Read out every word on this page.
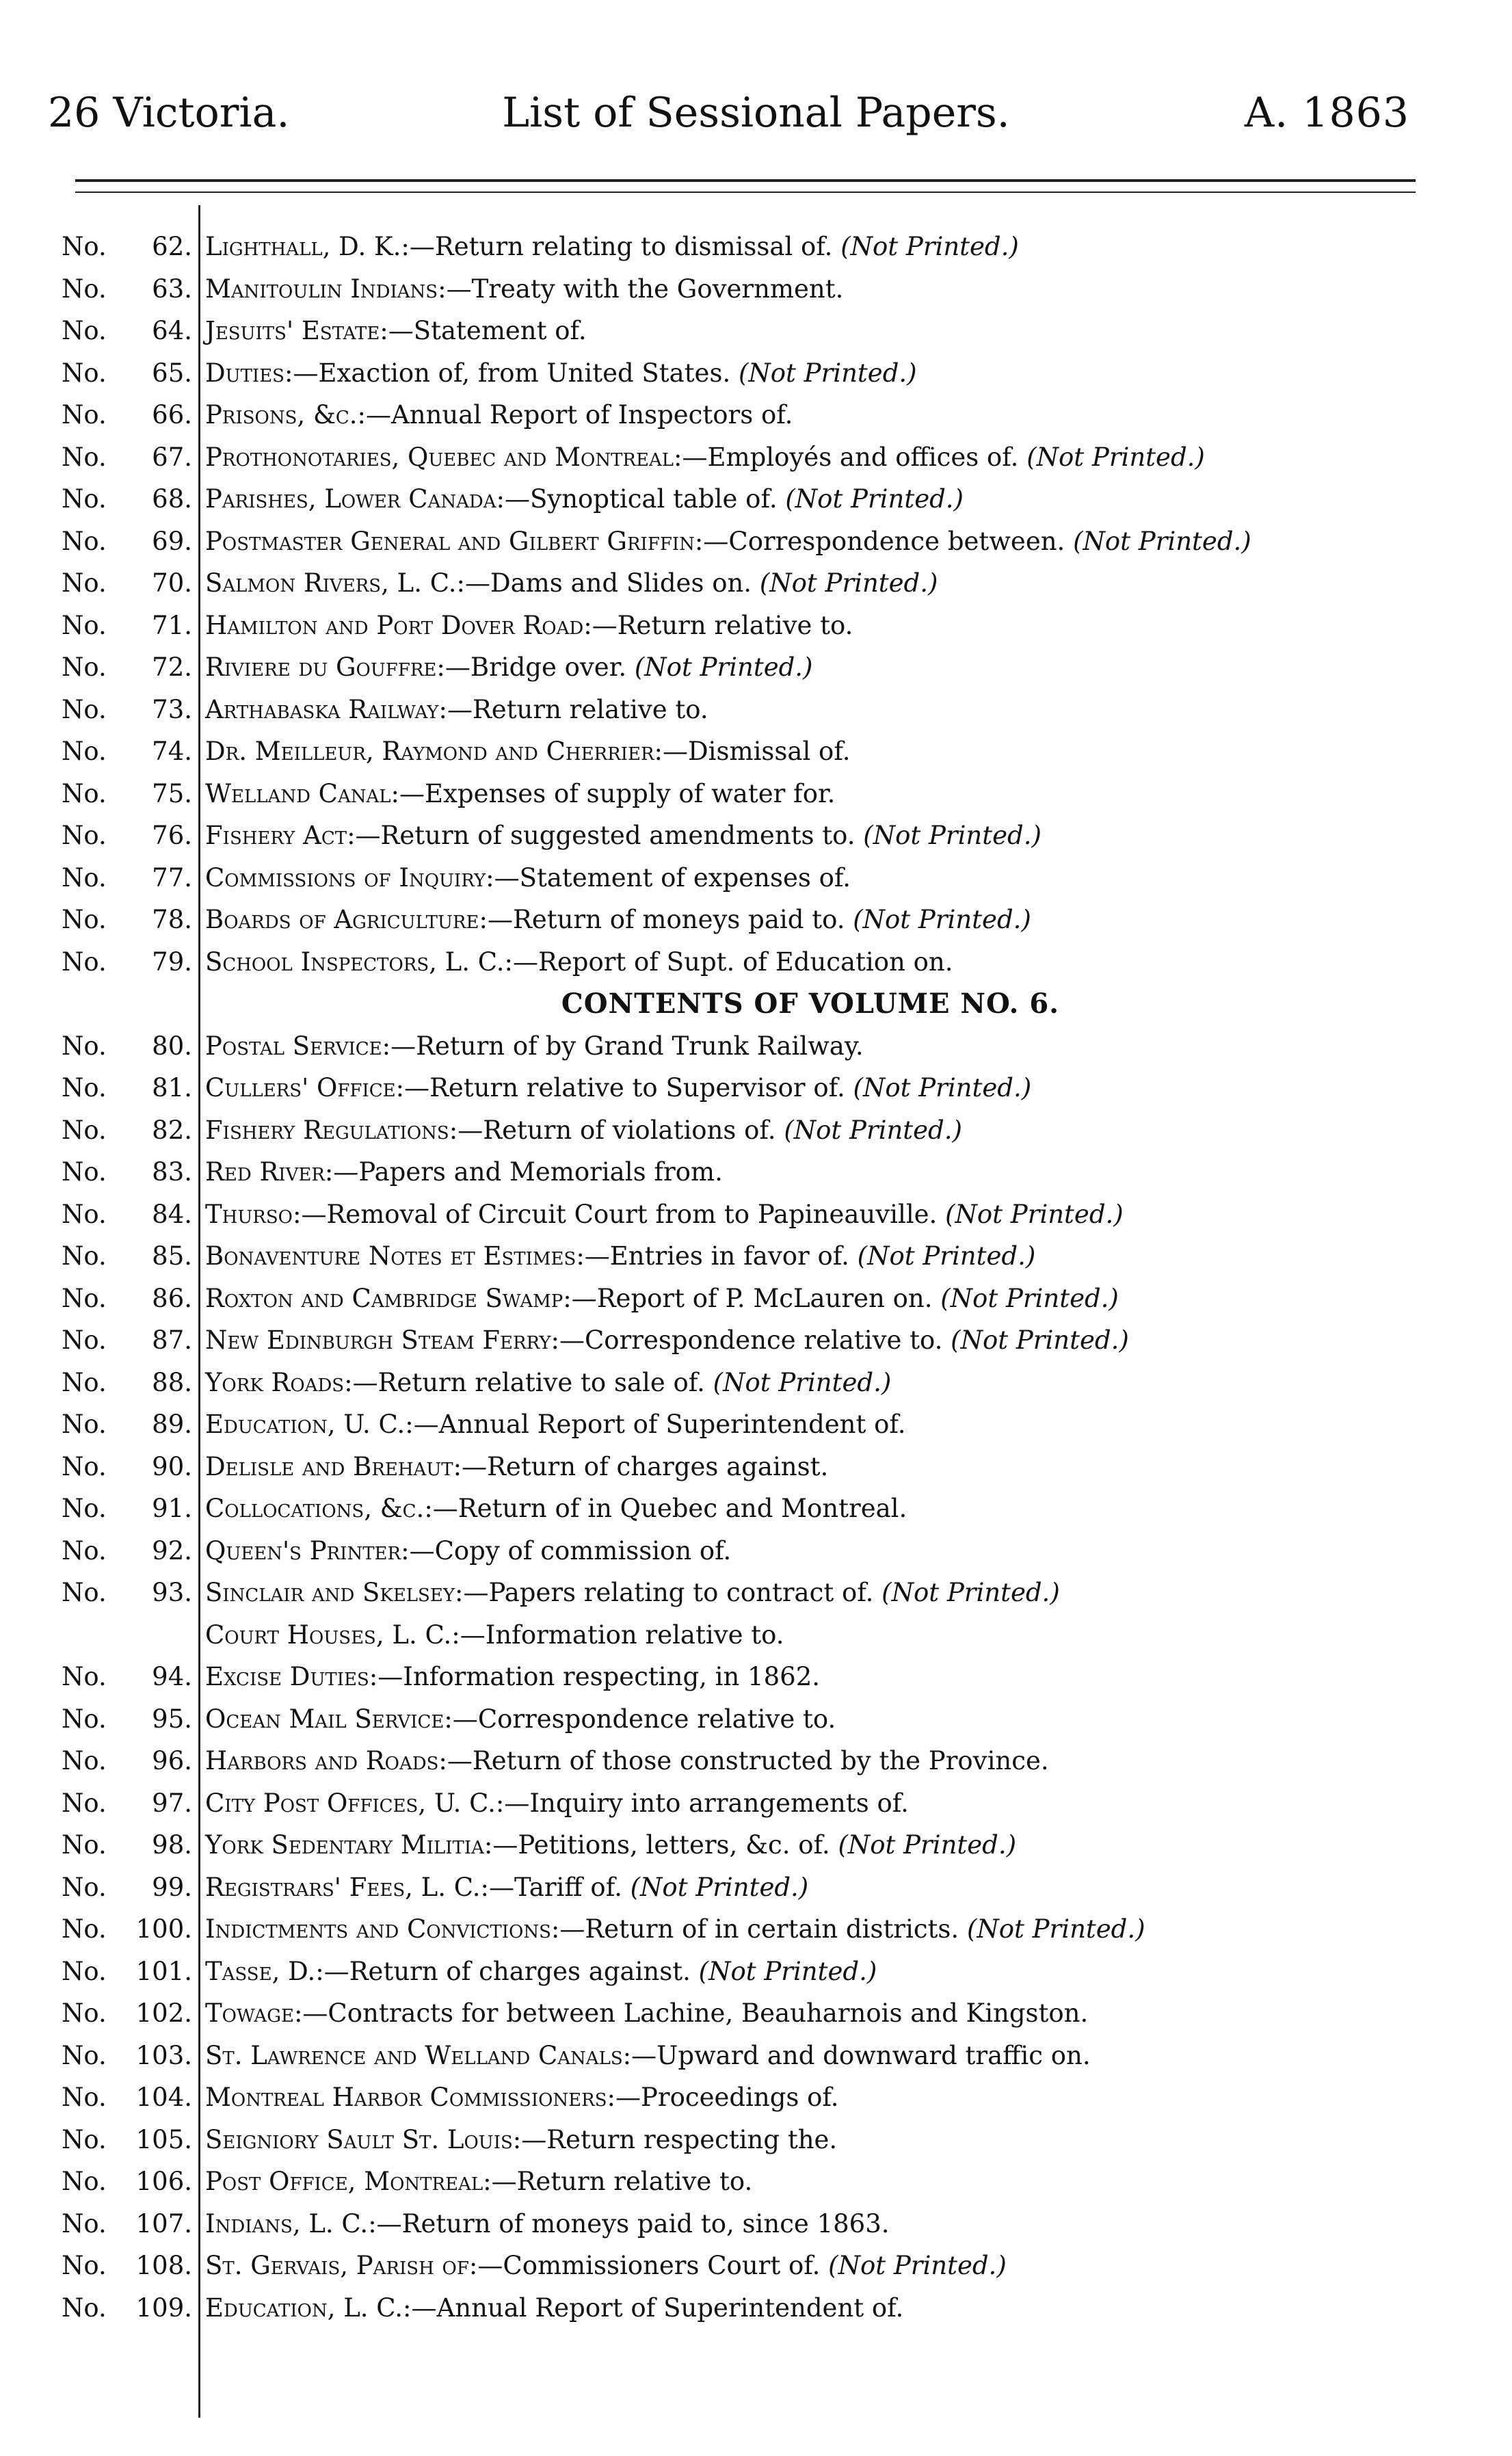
26 Victoria.	List of Sessional Papers.	A. 1863
No. 62. Lighthall, D. K.:—Return relating to dismissal of. (Not Printed.)
No. 63. Manitoulin Indians:—Treaty with the Government.
No. 64. Jesuits' Estate:—Statement of.
No. 65. Duties:—Exaction of, from United States. (Not Printed.)
No. 66. Prisons, &c.:—Annual Report of Inspectors of.
No. 67. Prothonotaries, Quebec and Montreal:—Employés and offices of. (Not Printed.)
No. 68. Parishes, Lower Canada:—Synoptical table of. (Not Printed.)
No. 69. Postmaster General and Gilbert Griffin:—Correspondence between. (Not Printed.)
No. 70. Salmon Rivers, L. C.:—Dams and Slides on. (Not Printed.)
No. 71. Hamilton and Port Dover Road:—Return relative to.
No. 72. Riviere du Gouffre:—Bridge over. (Not Printed.)
No. 73. Arthabaska Railway:—Return relative to.
No. 74. Dr. Meilleur, Raymond and Cherrier:—Dismissal of.
No. 75. Welland Canal:—Expenses of supply of water for.
No. 76. Fishery Act:—Return of suggested amendments to. (Not Printed.)
No. 77. Commissions of Inquiry:—Statement of expenses of.
No. 78. Boards of Agriculture:—Return of moneys paid to. (Not Printed.)
No. 79. School Inspectors, L. C.:—Report of Supt. of Education on.
CONTENTS OF VOLUME NO. 6.
No. 80. Postal Service:—Return of by Grand Trunk Railway.
No. 81. Cullers' Office:—Return relative to Supervisor of. (Not Printed.)
No. 82. Fishery Regulations:—Return of violations of. (Not Printed.)
No. 83. Red River:—Papers and Memorials from.
No. 84. Thurso:—Removal of Circuit Court from to Papineauville. (Not Printed.)
No. 85. Bonaventure Notes et Estimes:—Entries in favor of. (Not Printed.)
No. 86. Roxton and Cambridge Swamp:—Report of P. McLauren on. (Not Printed.)
No. 87. New Edinburgh Steam Ferry:—Correspondence relative to. (Not Printed.)
No. 88. York Roads:—Return relative to sale of. (Not Printed.)
No. 89. Education, U. C.:—Annual Report of Superintendent of.
No. 90. Delisle and Brehaut:—Return of charges against.
No. 91. Collocations, &c.:—Return of in Quebec and Montreal.
No. 92. Queen's Printer:—Copy of commission of.
No. 93. Sinclair and Skelsey:—Papers relating to contract of. (Not Printed.)
Court Houses, L. C.:—Information relative to.
No. 94. Excise Duties:—Information respecting, in 1862.
No. 95. Ocean Mail Service:—Correspondence relative to.
No. 96. Harbors and Roads:—Return of those constructed by the Province.
No. 97. City Post Offices, U. C.:—Inquiry into arrangements of.
No. 98. York Sedentary Militia:—Petitions, letters, &c. of. (Not Printed.)
No. 99. Registrars' Fees, L. C.:—Tariff of. (Not Printed.)
No. 100. Indictments and Convictions:—Return of in certain districts. (Not Printed.)
No. 101. Tasse, D.:—Return of charges against. (Not Printed.)
No. 102. Towage:—Contracts for between Lachine, Beauharnois and Kingston.
No. 103. St. Lawrence and Welland Canals:—Upward and downward traffic on.
No. 104. Montreal Harbor Commissioners:—Proceedings of.
No. 105. Seigniory Sault St. Louis:—Return respecting the.
No. 106. Post Office, Montreal:—Return relative to.
No. 107. Indians, L. C.:—Return of moneys paid to, since 1863.
No. 108. St. Gervais, Parish of:—Commissioners Court of. (Not Printed.)
No. 109. Education, L. C.:—Annual Report of Superintendent of.
